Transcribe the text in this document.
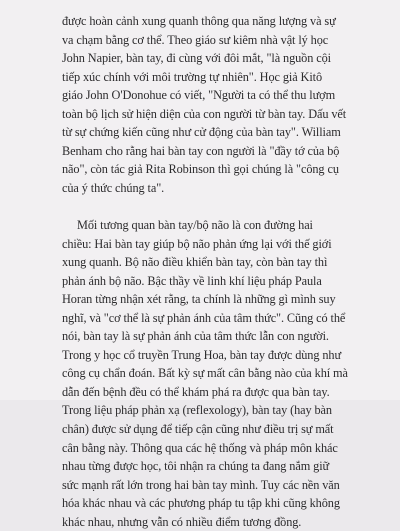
được hoàn cảnh xung quanh thông qua năng lượng và sự
va chạm bằng cơ thể. Theo giáo sư kiêm nhà vật lý học
John Napier, bàn tay, đi cùng với đôi mắt, "là nguồn cội
tiếp xúc chính với môi trường tự nhiên". Học giả Kitô
giáo John O'Donohue có viết, "Người ta có thể thu lượm
toàn bộ lịch sử hiện diện của con người từ bàn tay. Dấu vết
từ sự chứng kiến cũng như cử động của bàn tay". William
Benham cho rằng hai bàn tay con người là "đầy tớ của bộ
não", còn tác giả Rita Robinson thì gọi chúng là "công cụ
của ý thức chúng ta".
Mối tương quan bàn tay/bộ não là con đường hai
chiều: Hai bàn tay giúp bộ não phản ứng lại với thế giới
xung quanh. Bộ não điều khiển bàn tay, còn bàn tay thì
phản ánh bộ não. Bậc thầy về linh khí liệu pháp Paula
Horan từng nhận xét rằng, ta chính là những gì mình suy
nghĩ, và "cơ thể là sự phản ánh của tâm thức". Cũng có thể
nói, bàn tay là sự phản ánh của tâm thức lẫn con người.
Trong y học cổ truyền Trung Hoa, bàn tay được dùng như
công cụ chẩn đoán. Bất kỳ sự mất cân bằng nào của khí mà
dẫn đến bệnh đều có thể khám phá ra được qua bàn tay.
Trong liệu pháp phản xạ (reflexology), bàn tay (hay bàn
chân) được sử dụng để tiếp cận cũng như điều trị sự mất
cân bằng này. Thông qua các hệ thống và pháp môn khác
nhau từng được học, tôi nhận ra chúng ta đang nắm giữ
sức mạnh rất lớn trong hai bàn tay mình. Tuy các nền văn
hóa khác nhau và các phương pháp tu tập khi cũng không
khác nhau, nhưng vẫn có nhiều điểm tương đồng.
